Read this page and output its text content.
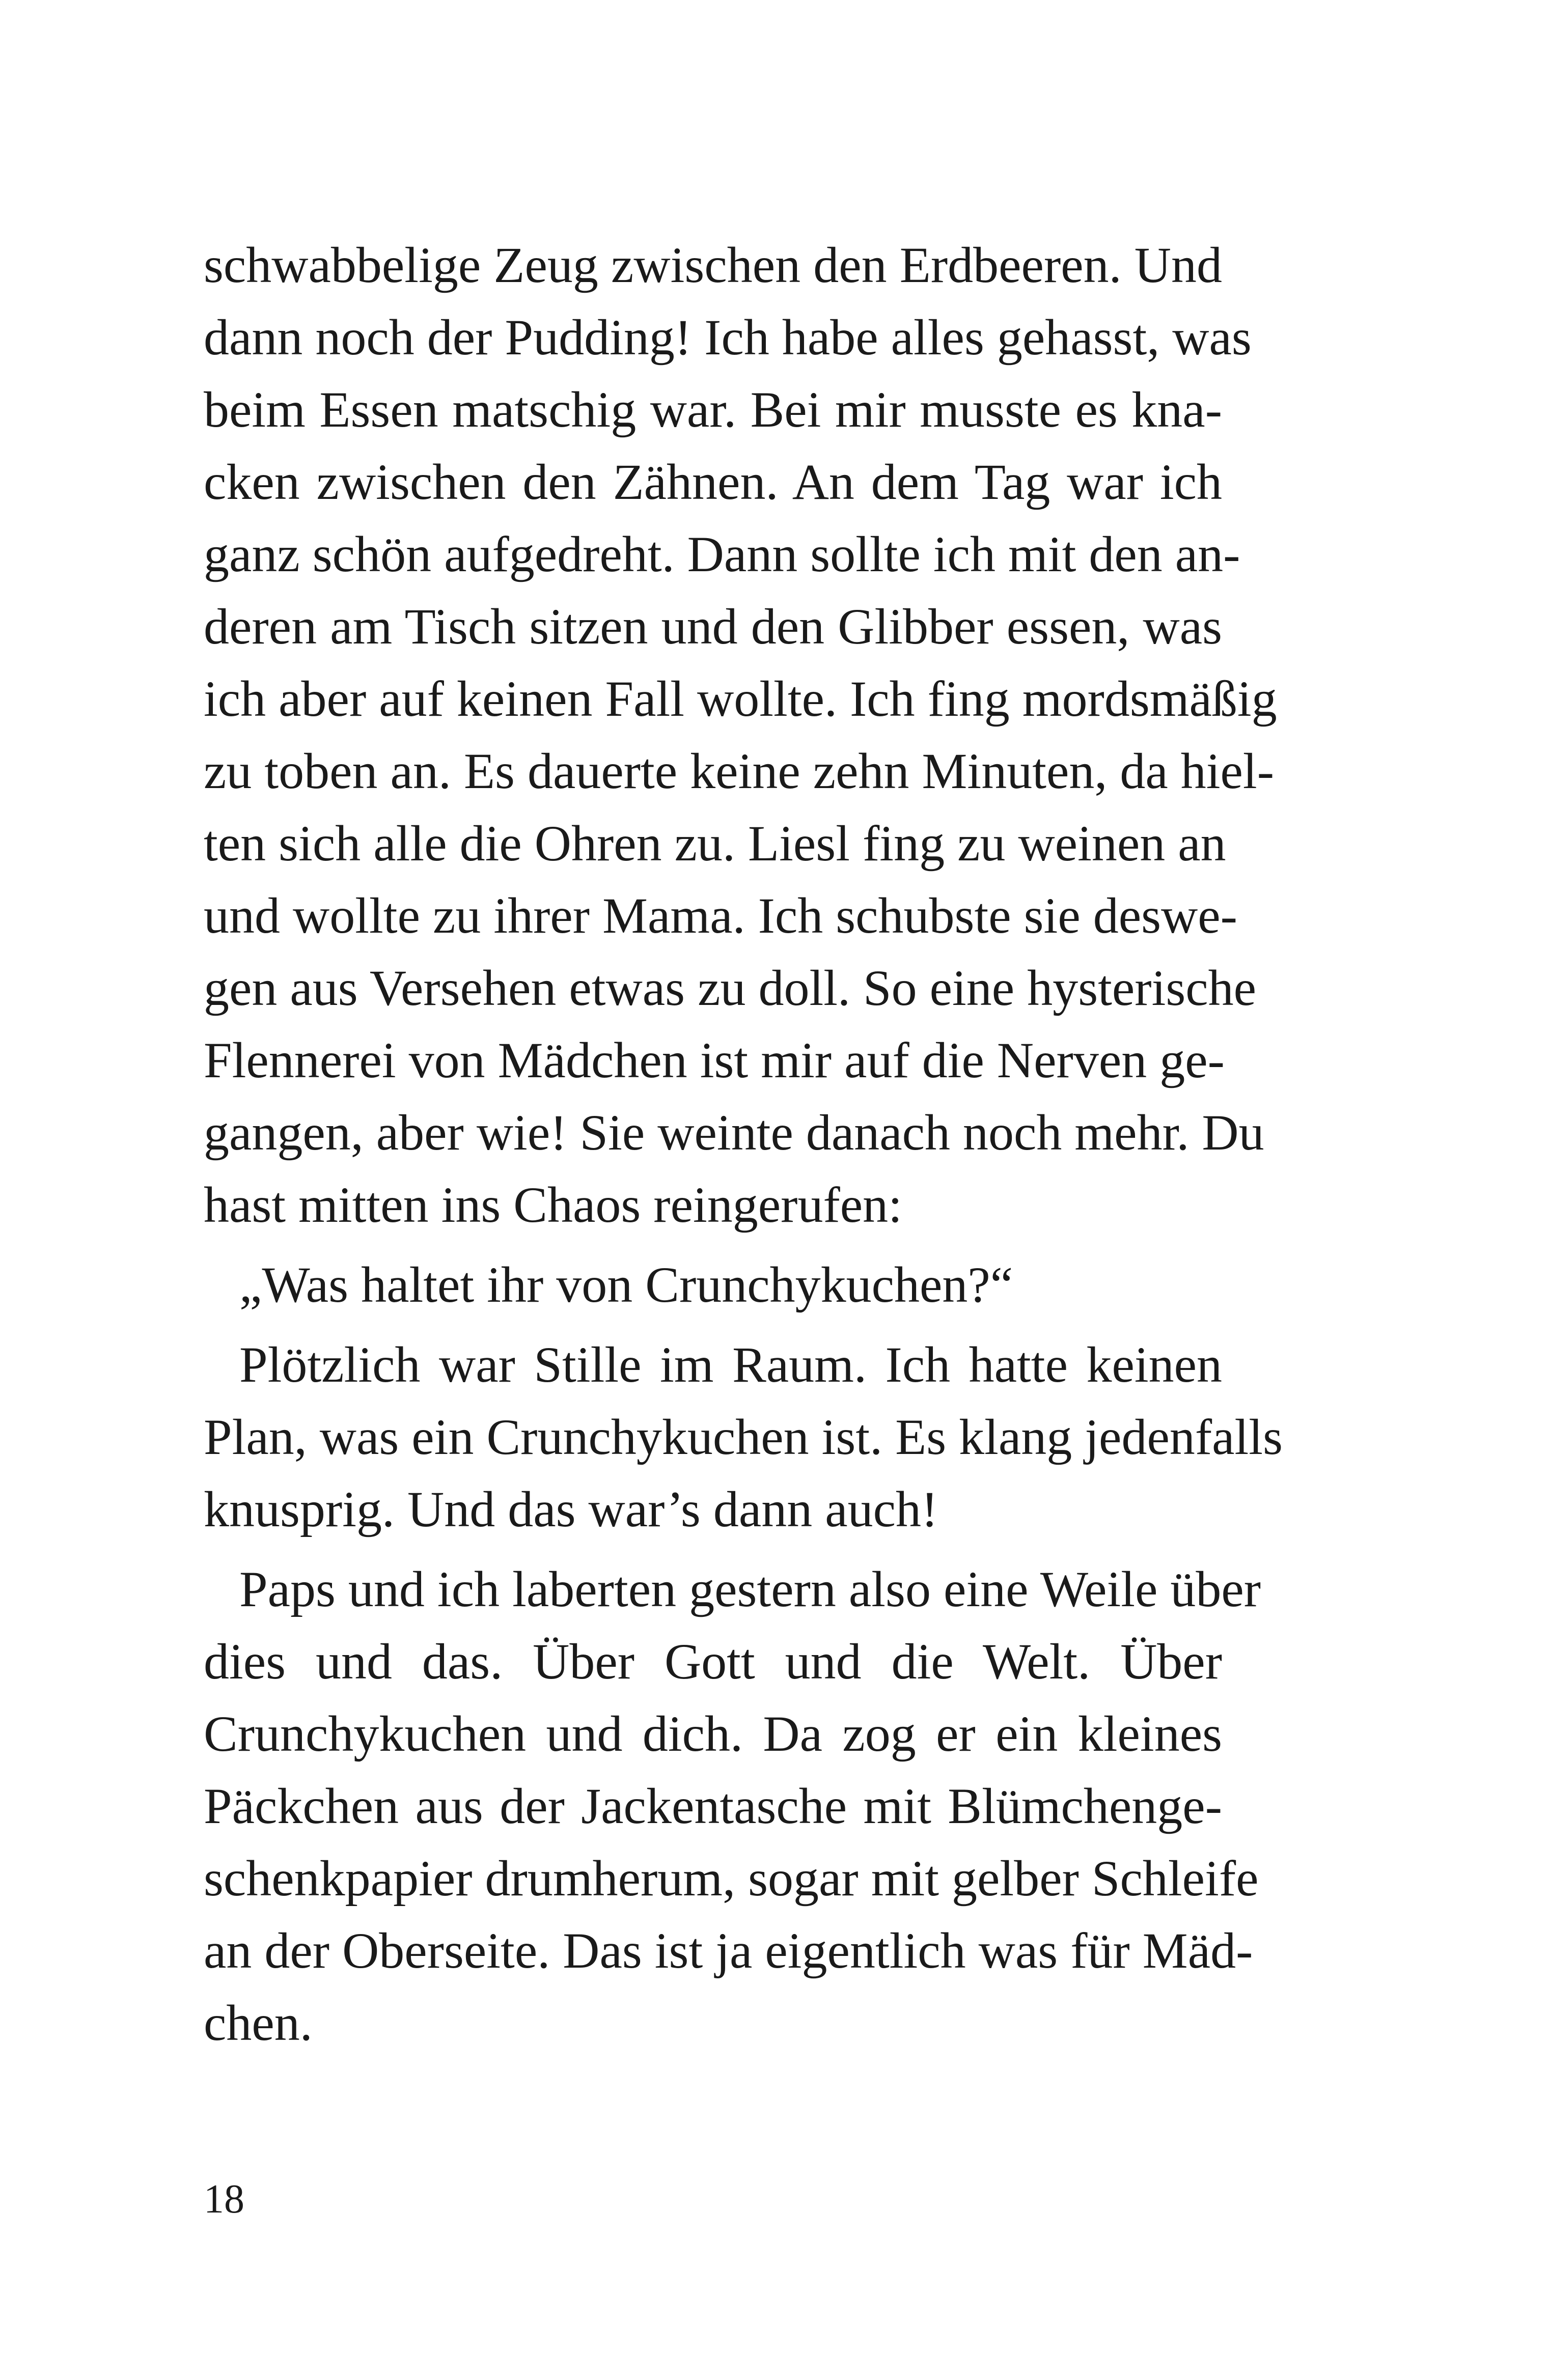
schwabbelige Zeug zwischen den Erdbeeren. Und
dann noch der Pudding! Ich habe alles gehasst, was
beim Essen matschig war. Bei mir musste es kna-
cken zwischen den Zähnen. An dem Tag war ich
ganz schön aufgedreht. Dann sollte ich mit den an-
deren am Tisch sitzen und den Glibber essen, was
ich aber auf keinen Fall wollte. Ich fing mordsmäßig
zu toben an. Es dauerte keine zehn Minuten, da hiel-
ten sich alle die Ohren zu. Liesl fing zu weinen an
und wollte zu ihrer Mama. Ich schubste sie deswe-
gen aus Versehen etwas zu doll. So eine hysterische
Flennerei von Mädchen ist mir auf die Nerven ge-
gangen, aber wie! Sie weinte danach noch mehr. Du
hast mitten ins Chaos reingerufen:
„Was haltet ihr von Crunchykuchen?“
Plötzlich war Stille im Raum. Ich hatte keinen
Plan, was ein Crunchykuchen ist. Es klang jedenfalls
knusprig. Und das war’s dann auch!
Paps und ich laberten gestern also eine Weile über
dies und das. Über Gott und die Welt. Über
Crunchykuchen und dich. Da zog er ein kleines
Päckchen aus der Jackentasche mit Blümchenge-
schenkpapier drumherum, sogar mit gelber Schleife
an der Oberseite. Das ist ja eigentlich was für Mäd-
chen.
18
